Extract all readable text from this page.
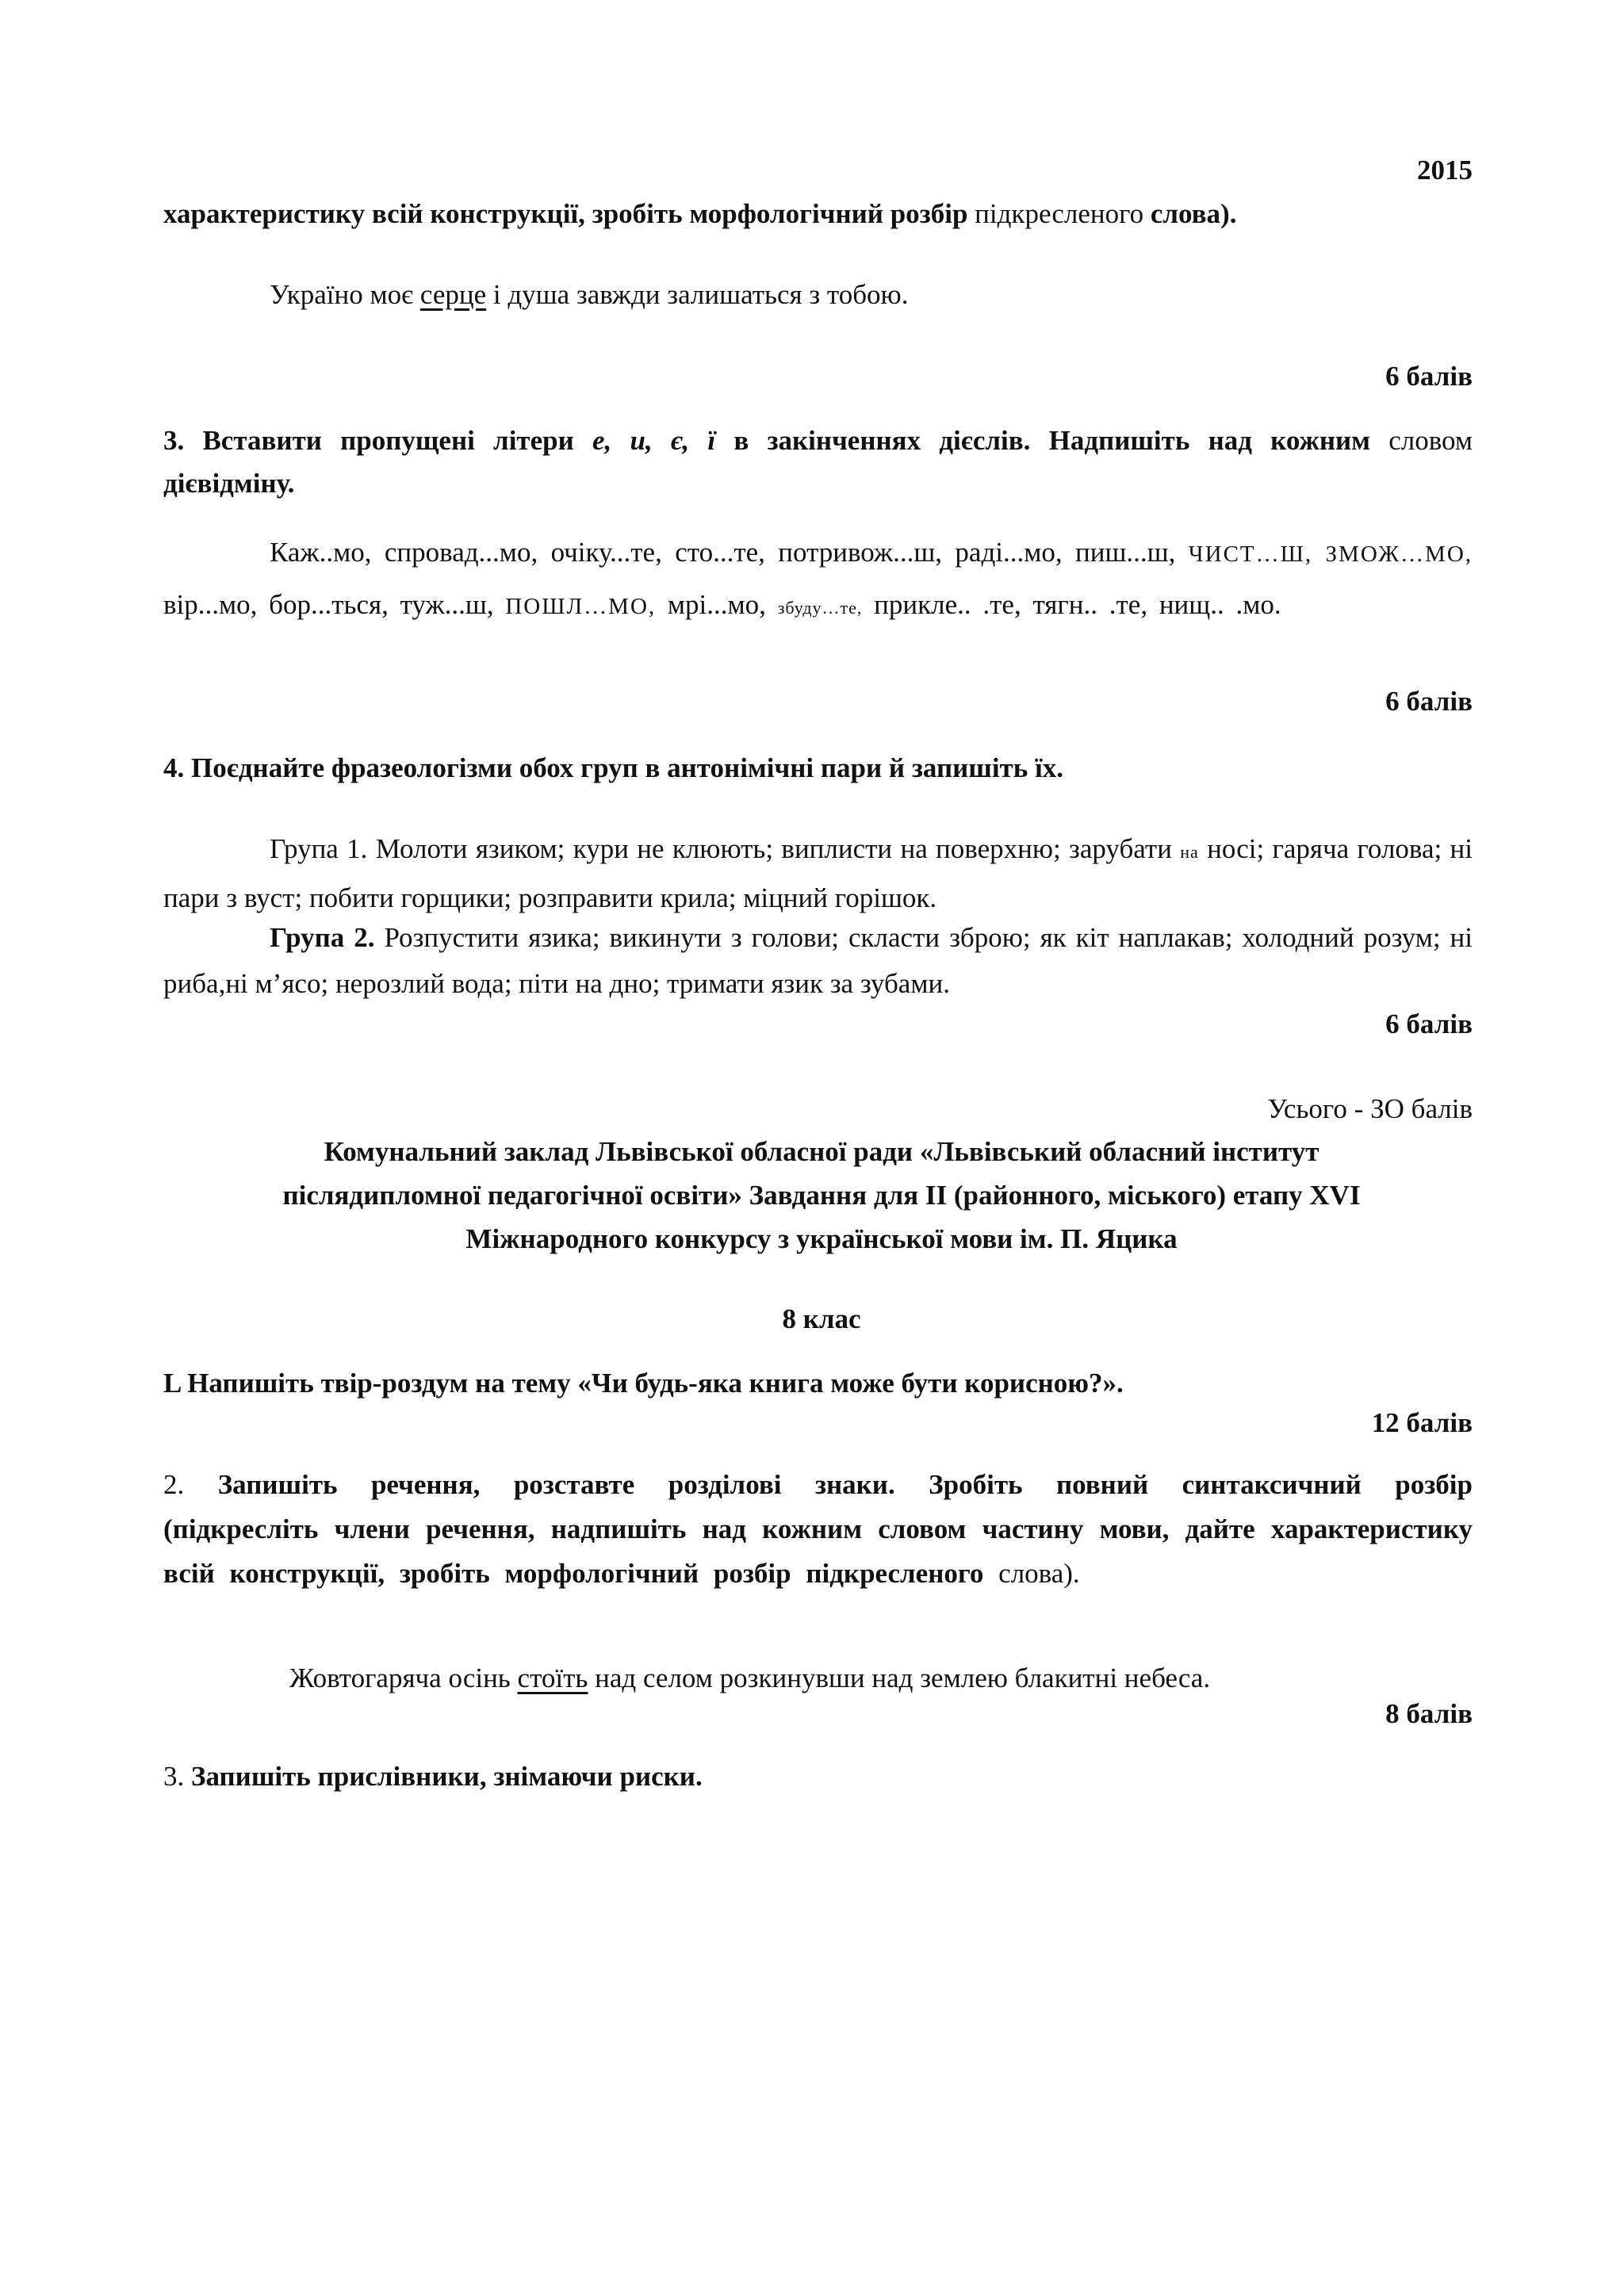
2015

характеристику всій конструкції, зробіть морфологічний розбір підкресленого слова).

Україно моє серце і душа завжди залишаться з тобою.

6 балів

3. Вставити пропущені літери е, и, є, ї в закінченнях дієслів. Надпишіть над кожним словом дієвідміну.

Каж..мо, спровад...мо, очіку...те, сто...те, потривож...ш, раді...мо, пиш...ш, ЧИСТ…Ш, ЗМОЖ…МО, вір...мо, бор...ться, туж...ш, ПОШЛ…МО, мрі...мо, збуду…те, прикле.. .те, тягн.. .те, нищ.. .мо.

6 балів

4. Поєднайте фразеологізми обох груп в антонімічні пари й запишіть їх.

Група 1. Молоти язиком; кури не клюють; виплисти на поверхню; зарубати на носі; гаряча голова; ні пари з вуст; побити горщики; розправити крила; міцний горішок.

Група 2. Розпустити язика; викинути з голови; скласти зброю; як кіт наплакав; холодний розум; ні риба,ні м’ясо; нерозлий вода; піти на дно; тримати язик за зубами.

6 балів
Усього - ЗО балів
Комунальний заклад Львівської обласної ради «Львівський обласний інститут
післядипломної педагогічної освіти» Завдання для II (районного, міського) етапу XVI
Міжнародного конкурсу з української мови ім. П. Яцика
8 клас

L Напишіть твір-роздум на тему «Чи будь-яка книга може бути корисною?».

12 балів

2. Запишіть речення, розставте розділові знаки. Зробіть повний синтаксичний розбір (підкресліть члени речення, надпишіть над кожним словом частину мови, дайте характеристику всій конструкції, зробіть морфологічний розбір підкресленого слова).

Жовтогаряча осінь стоїть над селом розкинувши над землею блакитні небеса.

8 балів

3. Запишіть прислівники, знімаючи риски.
